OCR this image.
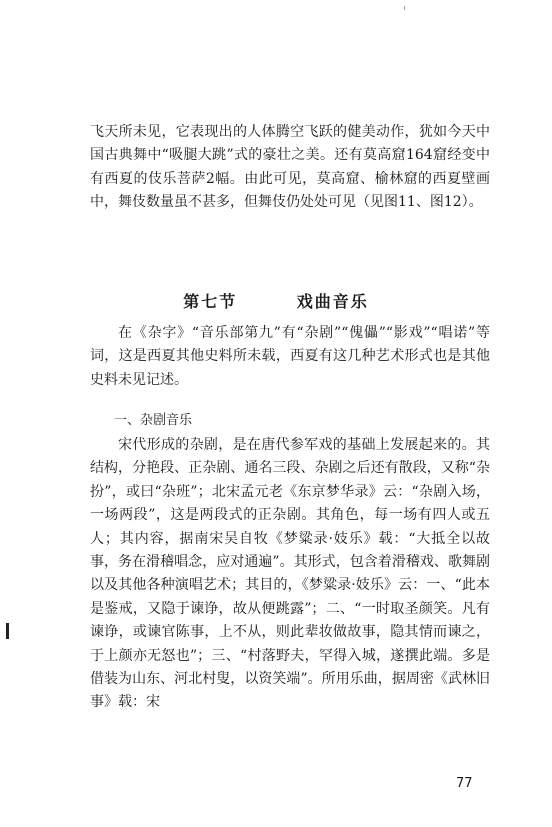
飞天所未见，它表现出的人体腾空飞跃的健美动作，犹如今天中国古典舞中“吸腿大跳”式的豪壮之美。还有莫高窟164窟经变中有西夏的伎乐菩萨2幅。由此可见，莫高窟、榆林窟的西夏壁画中，舞伎数量虽不甚多，但舞伎仍处处可见（见图11、图12）。

第七节	戏曲音乐

在《杂字》“音乐部第九”有“杂剧”“傀儡”“影戏”“唱诺”等词，这是西夏其他史料所未载，西夏有这几种艺术形式也是其他史料未见记述。

一、杂剧音乐

宋代形成的杂剧，是在唐代参军戏的基础上发展起来的。其结构，分艳段、正杂剧、通名三段、杂剧之后还有散段，又称“杂扮”，或曰“杂班”；北宋孟元老《东京梦华录》云：“杂剧入场，一场两段”，这是两段式的正杂剧。其角色，每一场有四人或五人；其内容，据南宋吴自牧《梦粱录·妓乐》载：“大抵全以故事，务在滑稽唱念，应对通遍”。其形式，包含着滑稽戏、歌舞剧以及其他各种演唱艺术；其目的，《梦粱录·妓乐》云：一、“此本是鉴戒，又隐于谏诤，故从便跳露”；二、“一时取圣颜笑。凡有谏诤，或谏官陈事，上不从，则此辈妆做故事，隐其情而谏之，于上颜亦无怒也”；三、“村落野夫，罕得入城，遂撰此端。多是借装为山东、河北村叟，以资笑端”。所用乐曲，据周密《武林旧事》载：宋

77
